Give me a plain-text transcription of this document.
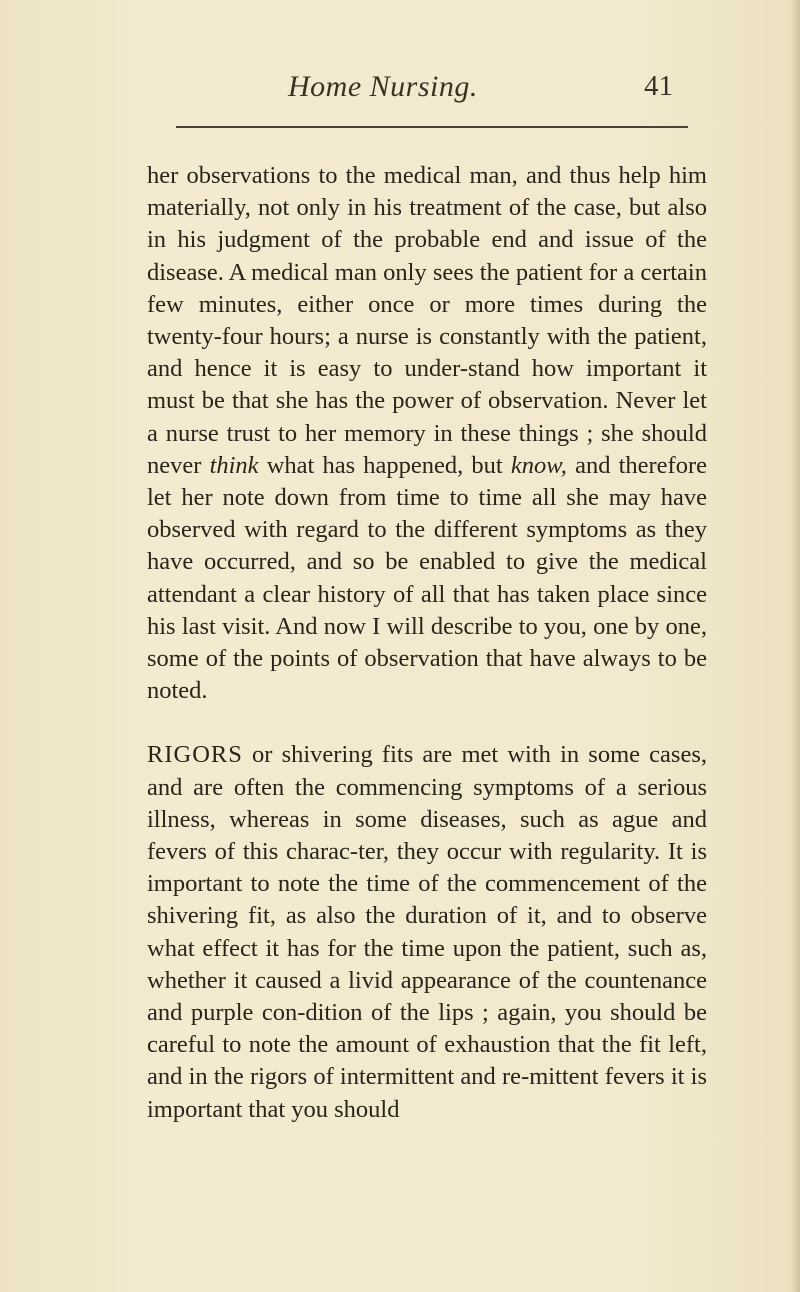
Home Nursing.	41

her observations to the medical man, and thus help him materially, not only in his treatment of the case, but also in his judgment of the probable end and issue of the disease. A medical man only sees the patient for a certain few minutes, either once or more times during the twenty-four hours; a nurse is constantly with the patient, and hence it is easy to under-stand how important it must be that she has the power of observation. Never let a nurse trust to her memory in these things ; she should never think what has happened, but know, and therefore let her note down from time to time all she may have observed with regard to the different symptoms as they have occurred, and so be enabled to give the medical attendant a clear history of all that has taken place since his last visit. And now I will describe to you, one by one, some of the points of observation that have always to be noted.

RIGORS or shivering fits are met with in some cases, and are often the commencing symptoms of a serious illness, whereas in some diseases, such as ague and fevers of this charac-ter, they occur with regularity. It is important to note the time of the commencement of the shivering fit, as also the duration of it, and to observe what effect it has for the time upon the patient, such as, whether it caused a livid appearance of the countenance and purple con-dition of the lips ; again, you should be careful to note the amount of exhaustion that the fit left, and in the rigors of intermittent and re-mittent fevers it is important that you should
